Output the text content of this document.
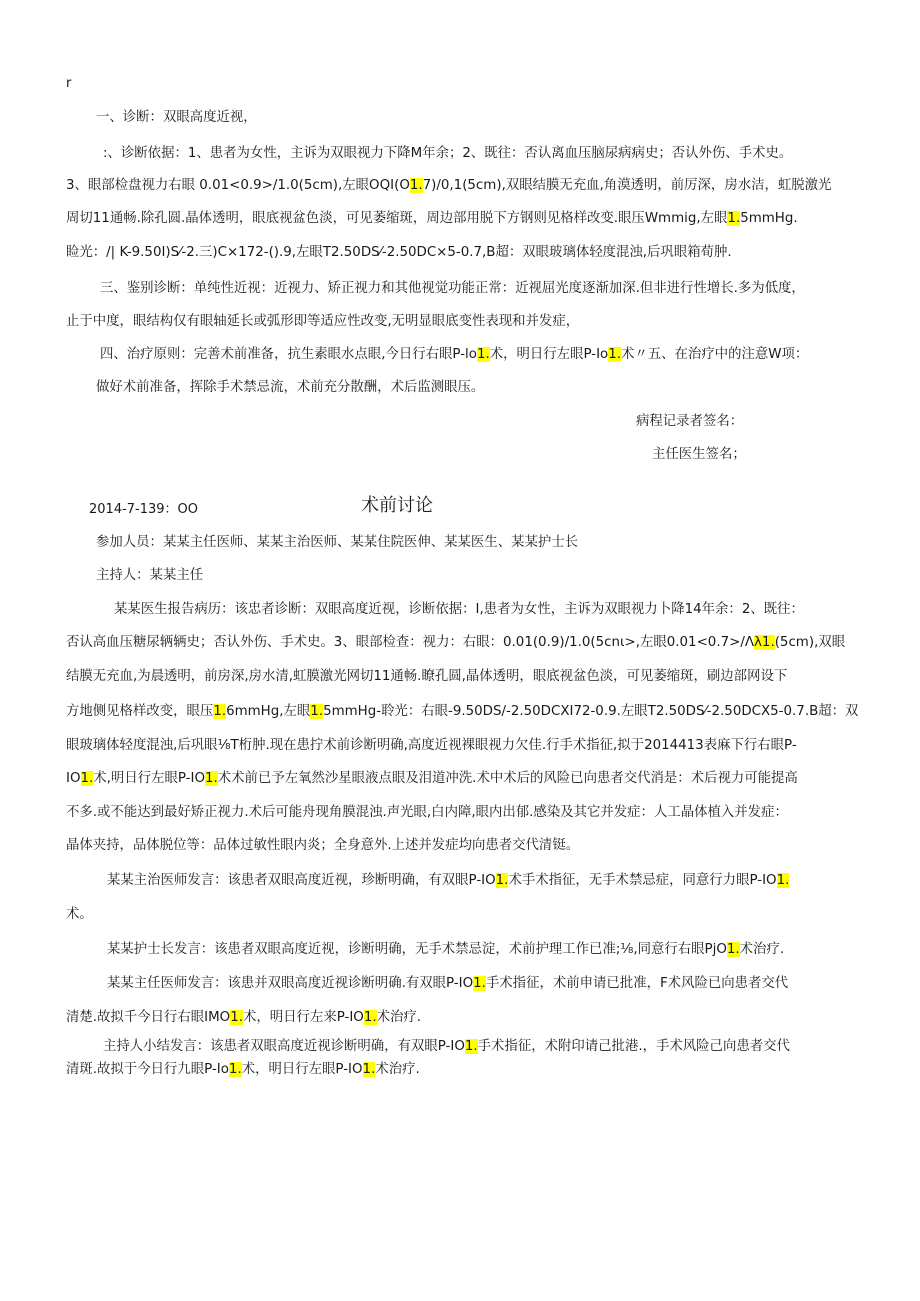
r
一、诊断：双眼高度近视，
:、诊断依据：1、患者为女性，主诉为双眼视力下降M年余；2、既往：否认离血压脑尿病病史；否认外伤、手术史。
3、眼部检盘视力右眼 0.01<0.9>/1.0(5cm),左眼OQI(O1.7)/0,1(5cm),双眼结膜无充血,角漠透明，前厉深，房水洁，虹脱激光
周切11通畅.除孔圆.晶体透明，眼底视盆色淡，可见萎缩斑，周边部用脱下方钢则见格样改变.眼压Wmmig,左眼1.5mmHg.
睑光：/| K-9.50I)S⁄-2.三)C×172-().9,左眼T2.50DS⁄-2.50DC×5-0.7,B超：双眼玻璃体轻度混浊,后巩眼箱荀肿.
三、鉴别诊断：单纯性近视：近视力、矫正视力和其他视觉功能正常：近视屈光度逐渐加深.但非进行性增长.多为低度，
止于中度，眼结构仅有眼轴延长或弧形即等适应性改变,无明显眼底变性表现和并发症，
四、治疗原则：完善术前准备，抗生素眼水点眼,今日行右眼P-lo1.术，明日行左眼P-Io1.术〃五、在治疗中的注意W项：
做好术前准备，挥除手术禁忌流，术前充分散酬，术后监测眼压。
病程记录者签名：
主任医生签名；
2014-7-139：OO	术前讨论
参加人员：某某主任医师、某某主治医师、某某住院医伸、某某医生、某某护士长
主持人：某某主任
某某医生报告病历：该忠者诊断：双眼高度近视，诊断依据：I,患者为女性，主诉为双眼视力卜降14年余：2、既往：
否认高血压糖尿辆辆史；否认外伤、手术史。3、眼部检查：视力：右眼：0.01(0.9)/1.0(5cnι>,左眼0.01<0.7>/Λλ1.(5cm),双眼
结膜无充血,为晨透明，前房深,房水清,虹膜激光网切11通畅.瞭孔圆,晶体透明，眼底视盆色淡，可见萎缩斑，刷边部网设下
方地侧见格样改变，眼压1.6mmHg,左眼1.5mmHg-聆光：右眼-9.50DS/-2.50DCXI72-0.9.左眼T2.50DS⁄-2.50DCX5-0.7.B超：双
眼玻璃体轻度混浊,后巩眼⅛T桁肿.现在患拧术前诊断明确,高度近视裸眼视力欠佳.行手术指征,拟于2014413表麻下行右眼P-
IO1.术,明日行左眼P-IO1.术术前已予左氧然沙星眼液点眼及泪道冲洗.术中术后的风险已向患者交代消是：术后视力可能提高
不多.或不能达到最好矫正视力.术后可能舟现角膜混浊.声光眼,白内障,眼内出郁.感染及其它并发症：人工晶体植入并发症：
晶体夹持，品体脱位等：品体过敏性眼内炎；全身意外.上述并发症均向患者交代清铤。
某某主治医师发言：该患者双眼高度近视，珍断明确，有双眼P-IO1.术手术指征，无手术禁忌症，同意行力眼P-IO1.
术。
某某护士长发言：该患者双眼高度近视，诊断明确，无手术禁忌淀，术前护理工作已准;⅛,同意行右眼PjO1.术治疗.
某某主任医师发言：该患并双眼高度近视诊断明确.有双眼P-IO1.手术指征，术前申请已批准，F术风险已向患者交代
清楚.故拟千今日行右眼IMO1.术，明日行左来P-IO1.术治疗.
主持人小结发言：该患者双眼高度近视诊断明确，有双眼P-IO1.手术指征，术附印请己批港.，手术风险己向患者交代
清斑.故拟于今日行九眼P-Io1.术，明日行左眼P-IO1.术治疗.
